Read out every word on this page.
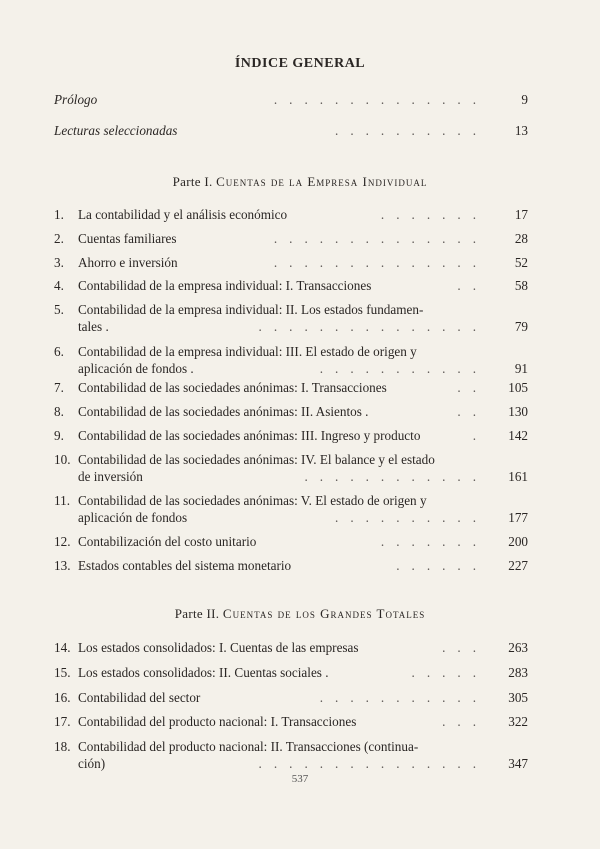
ÍNDICE GENERAL
Prólogo	..............	9
Lecturas seleccionadas	..........	13
Parte I. Cuentas de la Empresa Individual
1.	La contabilidad y el análisis económico	.......	17
2.	Cuentas familiares	..............	28
3.	Ahorro e inversión	..............	52
4.	Contabilidad de la empresa individual: I. Transacciones	..	58
5.	Contabilidad de la empresa individual: II. Los estados fundamen-
tales .	...............	79
6.	Contabilidad de la empresa individual: III. El estado de origen y
aplicación de fondos .	...........	91
7.	Contabilidad de las sociedades anónimas: I. Transacciones	..	105
8.	Contabilidad de las sociedades anónimas: II. Asientos .	..	130
9.	Contabilidad de las sociedades anónimas: III. Ingreso y producto	.	142
10. Contabilidad de las sociedades anónimas: IV. El balance y el estado
de inversión	............	161
11. Contabilidad de las sociedades anónimas: V. El estado de origen y
aplicación de fondos	..........	177
12. Contabilización del costo unitario	.......	200
13. Estados contables del sistema monetario	......	227
Parte II. Cuentas de los Grandes Totales
14. Los estados consolidados: I. Cuentas de las empresas	...	263
15. Los estados consolidados: II. Cuentas sociales .	.....	283
16. Contabilidad del sector	...........	305
17. Contabilidad del producto nacional: I. Transacciones	...	322
18. Contabilidad del producto nacional: II. Transacciones (continua-
ción)	...............	347
537
